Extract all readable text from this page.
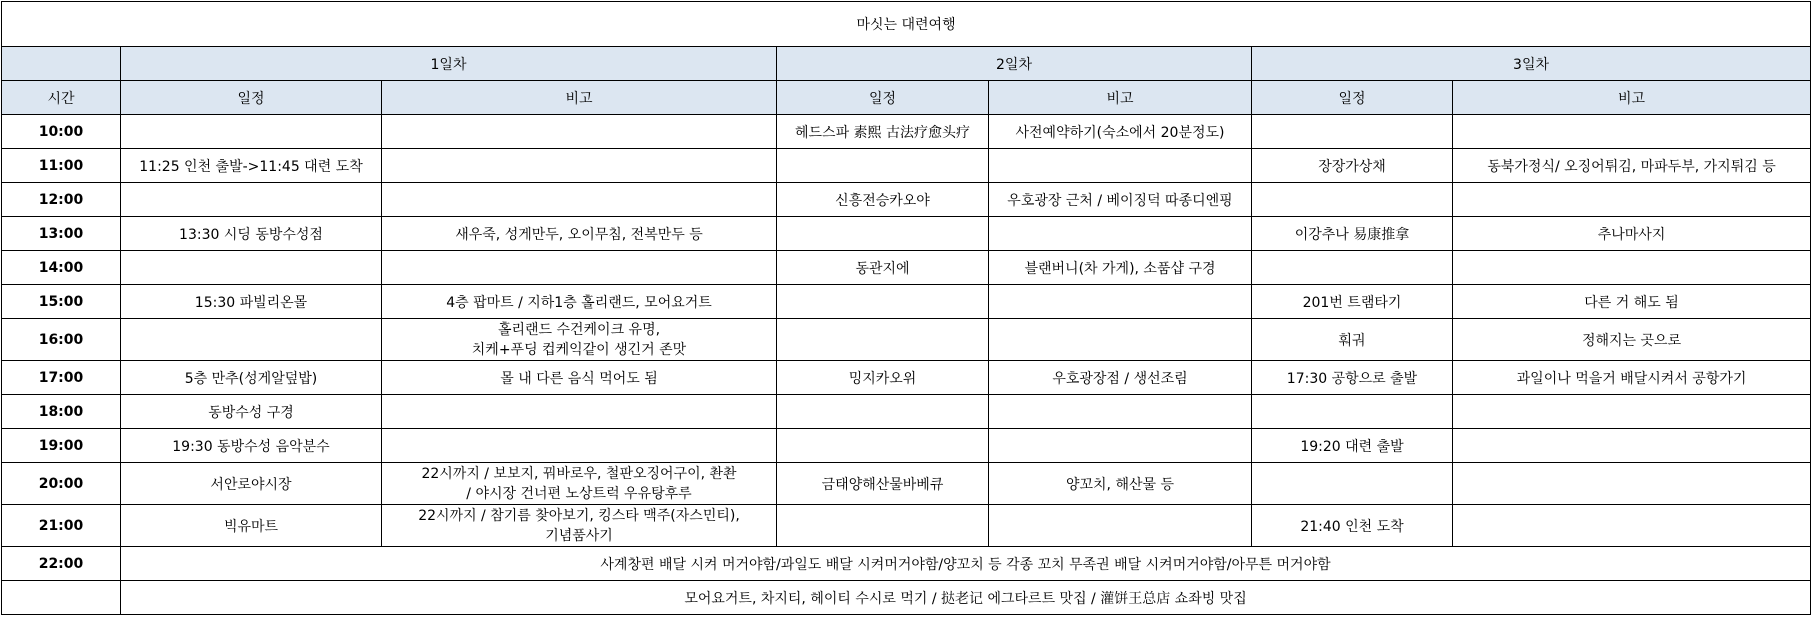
마싯는 대련여행						
	1일차		2일차		3일차	
시간	일정	비고	일정	비고	일정	비고
10:00			헤드스파 素熙 古法疗愈头疗	사전예약하기(숙소에서 20분정도)		
11:00	11:25 인천 출발->11:45 대련 도착				장장가상채	동북가정식/ 오징어튀김, 마파두부, 가지튀김 등
12:00			신흥전승카오야	우호광장 근처 / 베이징덕 따종디엔핑		
13:00	13:30 시딩 동방수성점	새우죽, 성게만두, 오이무침, 전복만두 등			이강추나 易康推拿	추나마사지
14:00			동관지에	블랜버니(차 가게), 소품샵 구경		
15:00	15:30 파빌리온몰	4층 팝마트 / 지하1층 홀리랜드, 모어요거트			201번 트램타기	다른 거 해도 됨
16:00		홀리랜드 수건케이크 유명,
치케+푸딩 컵케익같이 생긴거 존맛			훠궈	정해지는 곳으로
17:00	5층 만추(성게알덮밥)	몰 내 다른 음식 먹어도 됨	밍지카오위	우호광장점 / 생선조림	17:30 공항으로 출발	과일이나 먹을거 배달시켜서 공항가기
18:00	동방수성 구경					
19:00	19:30 동방수성 음악분수				19:20 대련 출발	
20:00	서안로야시장	22시까지 / 보보지, 꿔바로우, 철판오징어구이, 촨촨
/ 야시장 건너편 노상트럭 우유탕후루	금태양해산물바베큐	양꼬치, 해산물 등		
21:00	빅유마트	22시까지 / 참기름 찾아보기, 킹스타 맥주(자스민티),
기념품사기			21:40 인천 도착	
22:00	사계창편 배달 시켜 머거야함/과일도 배달 시켜머거야함/양꼬치 등 각종 꼬치 무족권 배달 시켜머거야함/아무튼 머거야함					
	모어요거트, 차지티, 헤이티 수시로 먹기 / 挞老记 에그타르트 맛집 / 灌饼王总店 쇼좌빙 맛집					
